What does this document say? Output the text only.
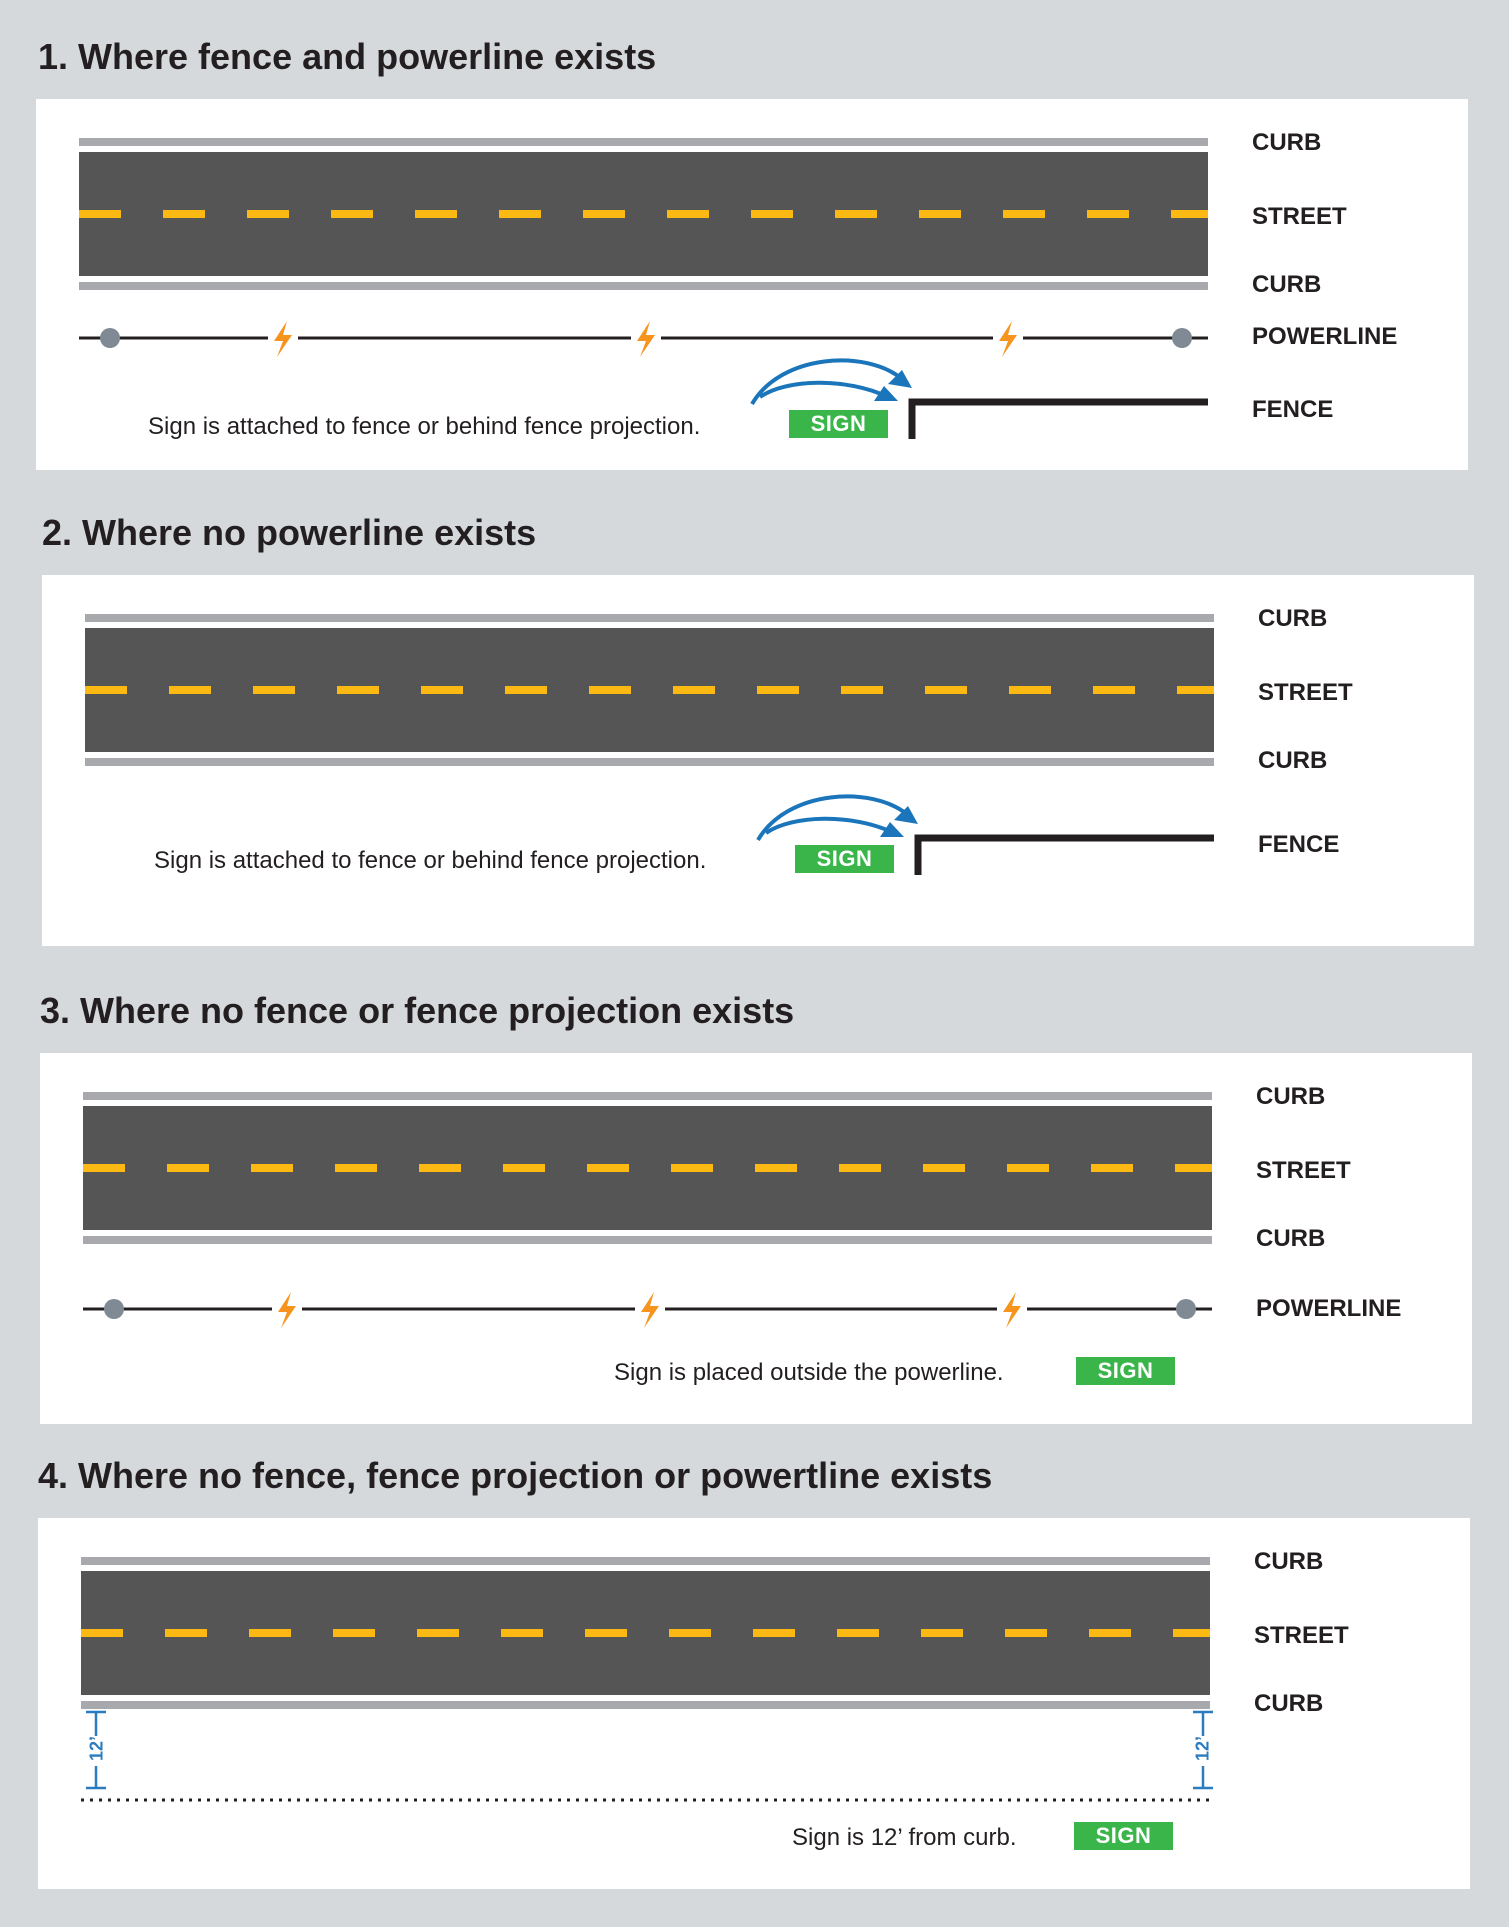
1. Where fence and powerline exists
Sign is attached to fence or behind fence projection.	SIGN
CURB
STREET
CURB
POWERLINE
FENCE
2. Where no powerline exists
Sign is attached to fence or behind fence projection.	SIGN
CURB
STREET
CURB
FENCE
3. Where no fence or fence projection exists
Sign is placed outside the powerline.	SIGN
CURB
STREET
CURB
POWERLINE
4. Where no fence, fence projection or powertline exists
12’	12’
Sign is 12’ from curb.	SIGN
CURB
STREET
CURB
